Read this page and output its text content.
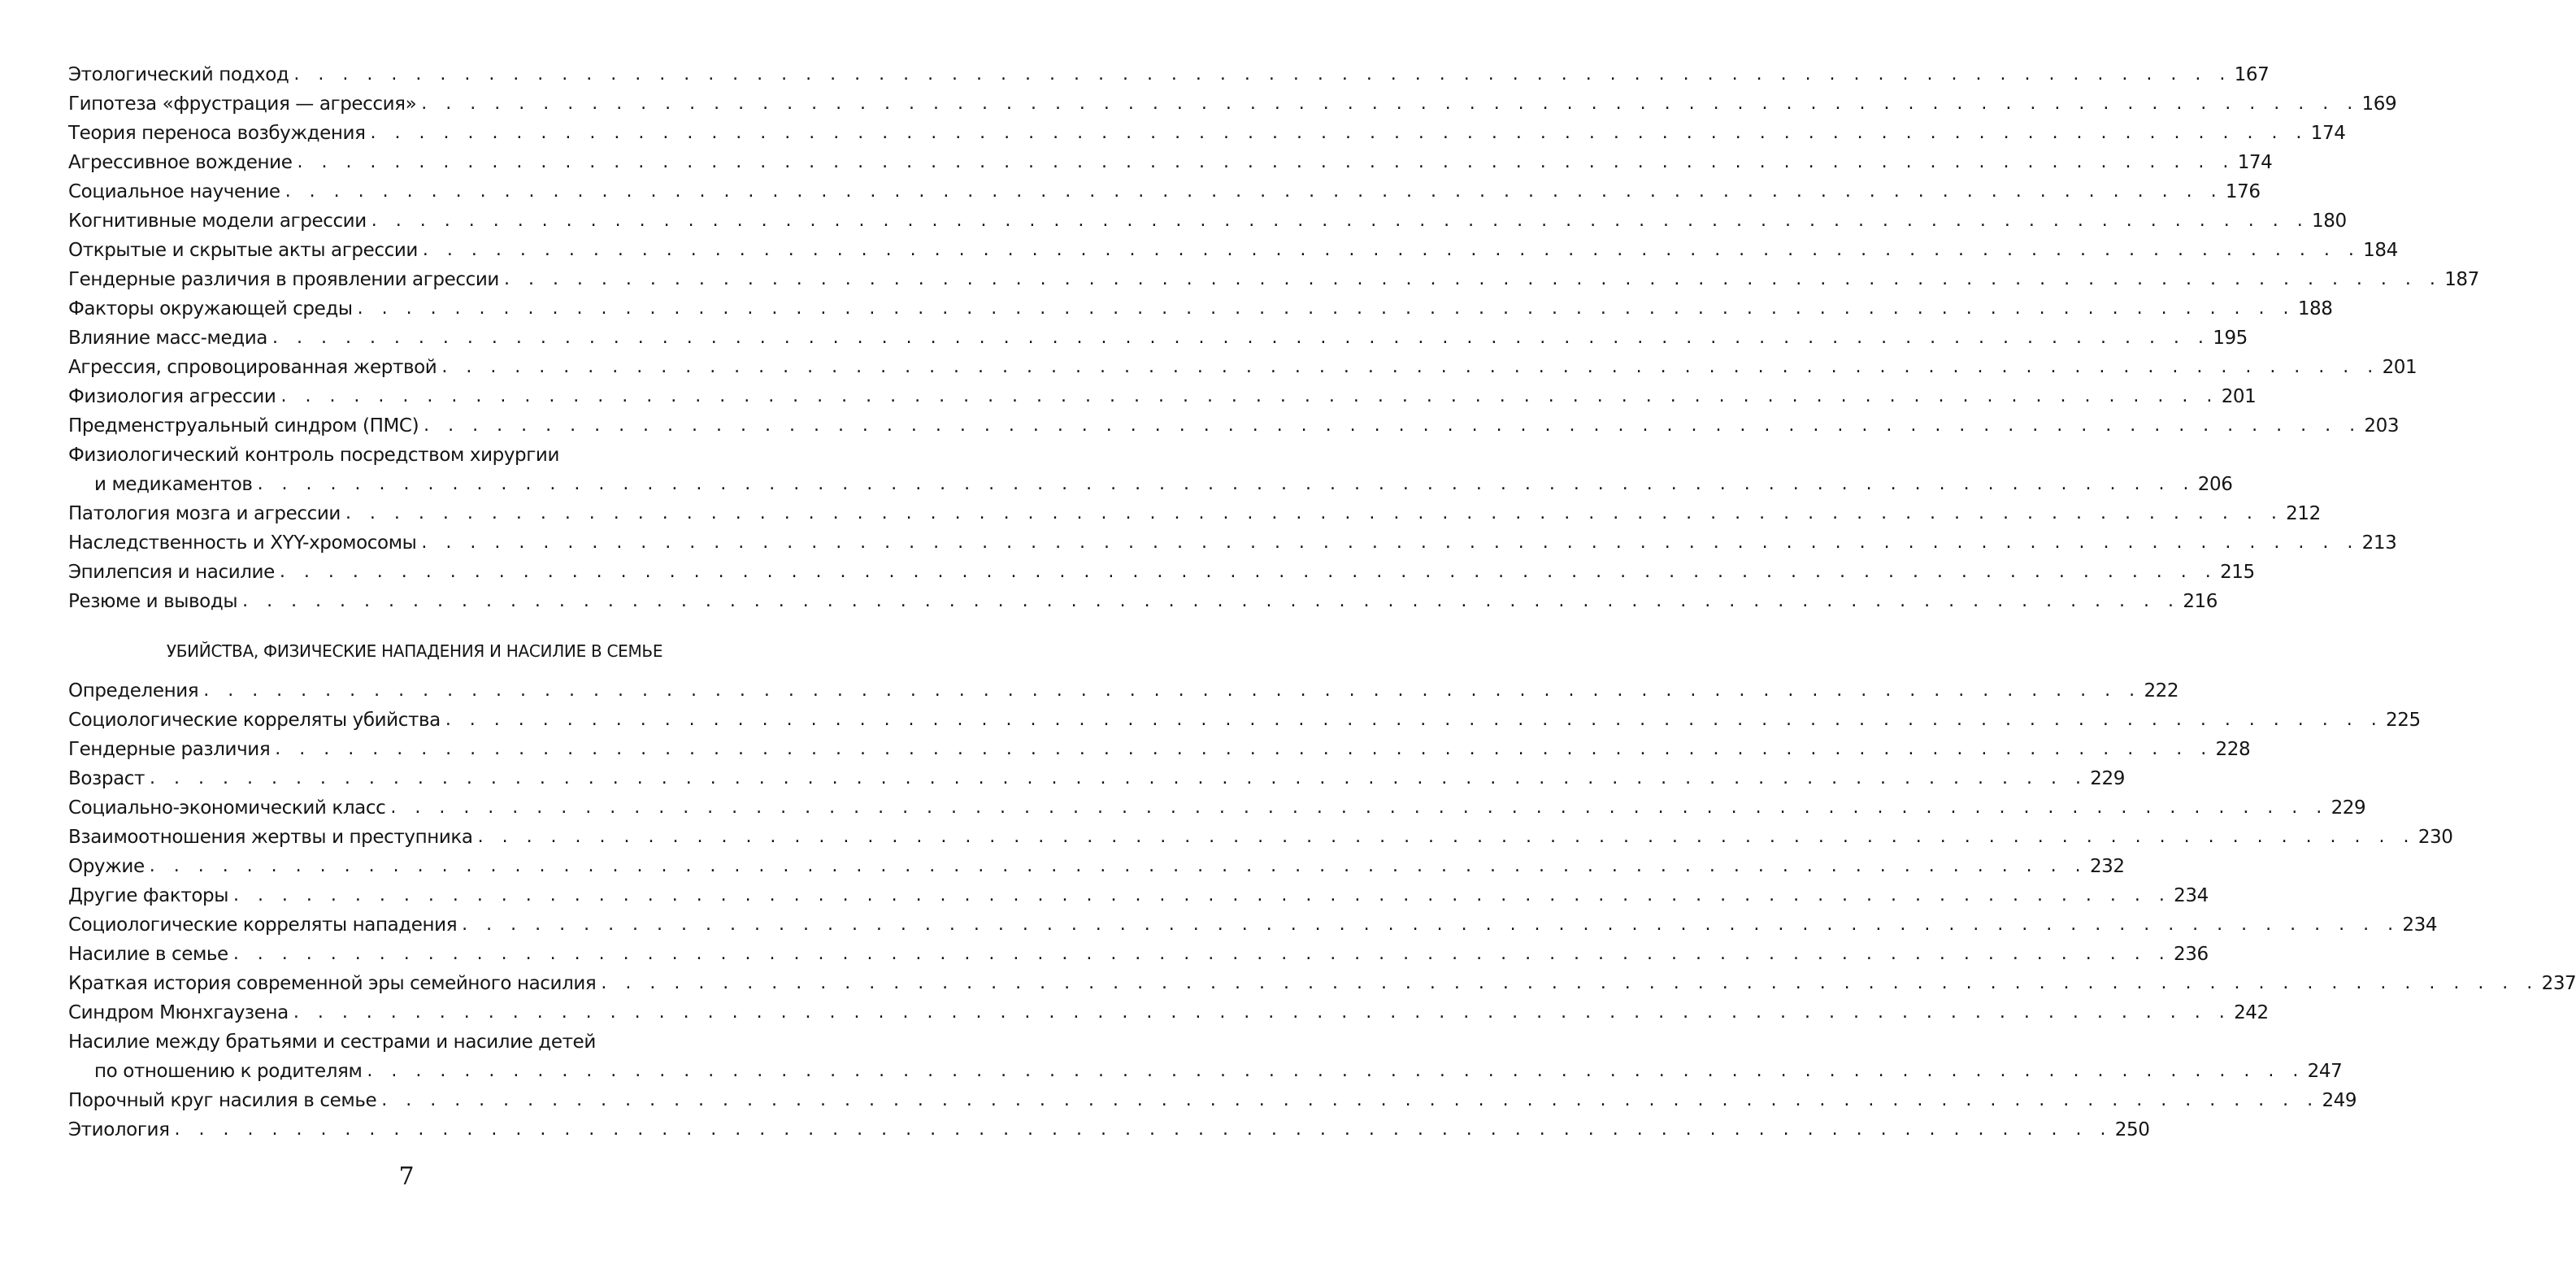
Этологический подход . . . . . . . . . . . . . . . . . . . . . . . . . . . . . . . . . . . . . . . . . . . . . . . . . . . . . . . . . . . . . . . . . . . . . . . . . . . . . . . . 167
Гипотеза «фрустрация — агрессия» . . . . . . . . . . . . . . . . . . . . . . . . . . . . . . . . . . . . . . . . . . . . . . . . . . . . . . . . . . . . . . . . . . . . . . . . . . . . . . . . 169
Теория переноса возбуждения . . . . . . . . . . . . . . . . . . . . . . . . . . . . . . . . . . . . . . . . . . . . . . . . . . . . . . . . . . . . . . . . . . . . . . . . . . . . . . . . 174
Агрессивное вождение . . . . . . . . . . . . . . . . . . . . . . . . . . . . . . . . . . . . . . . . . . . . . . . . . . . . . . . . . . . . . . . . . . . . . . . . . . . . . . . . 174
Социальное научение . . . . . . . . . . . . . . . . . . . . . . . . . . . . . . . . . . . . . . . . . . . . . . . . . . . . . . . . . . . . . . . . . . . . . . . . . . . . . . . . 176
Когнитивные модели агрессии . . . . . . . . . . . . . . . . . . . . . . . . . . . . . . . . . . . . . . . . . . . . . . . . . . . . . . . . . . . . . . . . . . . . . . . . . . . . . . . . 180
Открытые и скрытые акты агрессии . . . . . . . . . . . . . . . . . . . . . . . . . . . . . . . . . . . . . . . . . . . . . . . . . . . . . . . . . . . . . . . . . . . . . . . . . . . . . . . . 184
Гендерные различия в проявлении агрессии . . . . . . . . . . . . . . . . . . . . . . . . . . . . . . . . . . . . . . . . . . . . . . . . . . . . . . . . . . . . . . . . . . . . . . . . . . . . . . . . 187
Факторы окружающей среды . . . . . . . . . . . . . . . . . . . . . . . . . . . . . . . . . . . . . . . . . . . . . . . . . . . . . . . . . . . . . . . . . . . . . . . . . . . . . . . . 188
Влияние масс-медиа . . . . . . . . . . . . . . . . . . . . . . . . . . . . . . . . . . . . . . . . . . . . . . . . . . . . . . . . . . . . . . . . . . . . . . . . . . . . . . . . 195
Агрессия, спровоцированная жертвой . . . . . . . . . . . . . . . . . . . . . . . . . . . . . . . . . . . . . . . . . . . . . . . . . . . . . . . . . . . . . . . . . . . . . . . . . . . . . . . . 201
Физиология агрессии . . . . . . . . . . . . . . . . . . . . . . . . . . . . . . . . . . . . . . . . . . . . . . . . . . . . . . . . . . . . . . . . . . . . . . . . . . . . . . . . 201
Предменструальный синдром (ПМС) . . . . . . . . . . . . . . . . . . . . . . . . . . . . . . . . . . . . . . . . . . . . . . . . . . . . . . . . . . . . . . . . . . . . . . . . . . . . . . . . 203
Физиологический контроль посредством хирургии
и медикаментов . . . . . . . . . . . . . . . . . . . . . . . . . . . . . . . . . . . . . . . . . . . . . . . . . . . . . . . . . . . . . . . . . . . . . . . . . . . . . . . . 206
Патология мозга и агрессии . . . . . . . . . . . . . . . . . . . . . . . . . . . . . . . . . . . . . . . . . . . . . . . . . . . . . . . . . . . . . . . . . . . . . . . . . . . . . . . . 212
Наследственность и XYY-хромосомы . . . . . . . . . . . . . . . . . . . . . . . . . . . . . . . . . . . . . . . . . . . . . . . . . . . . . . . . . . . . . . . . . . . . . . . . . . . . . . . . 213
Эпилепсия и насилие . . . . . . . . . . . . . . . . . . . . . . . . . . . . . . . . . . . . . . . . . . . . . . . . . . . . . . . . . . . . . . . . . . . . . . . . . . . . . . . . 215
Резюме и выводы . . . . . . . . . . . . . . . . . . . . . . . . . . . . . . . . . . . . . . . . . . . . . . . . . . . . . . . . . . . . . . . . . . . . . . . . . . . . . . . . 216
УБИЙСТВА, ФИЗИЧЕСКИЕ НАПАДЕНИЯ И НАСИЛИЕ В СЕМЬЕ
Определения . . . . . . . . . . . . . . . . . . . . . . . . . . . . . . . . . . . . . . . . . . . . . . . . . . . . . . . . . . . . . . . . . . . . . . . . . . . . . . . . 222
Социологические корреляты убийства . . . . . . . . . . . . . . . . . . . . . . . . . . . . . . . . . . . . . . . . . . . . . . . . . . . . . . . . . . . . . . . . . . . . . . . . . . . . . . . . 225
Гендерные различия . . . . . . . . . . . . . . . . . . . . . . . . . . . . . . . . . . . . . . . . . . . . . . . . . . . . . . . . . . . . . . . . . . . . . . . . . . . . . . . . 228
Возраст . . . . . . . . . . . . . . . . . . . . . . . . . . . . . . . . . . . . . . . . . . . . . . . . . . . . . . . . . . . . . . . . . . . . . . . . . . . . . . . . 229
Социально-экономический класс . . . . . . . . . . . . . . . . . . . . . . . . . . . . . . . . . . . . . . . . . . . . . . . . . . . . . . . . . . . . . . . . . . . . . . . . . . . . . . . . 229
Взаимоотношения жертвы и преступника . . . . . . . . . . . . . . . . . . . . . . . . . . . . . . . . . . . . . . . . . . . . . . . . . . . . . . . . . . . . . . . . . . . . . . . . . . . . . . . . 230
Оружие . . . . . . . . . . . . . . . . . . . . . . . . . . . . . . . . . . . . . . . . . . . . . . . . . . . . . . . . . . . . . . . . . . . . . . . . . . . . . . . . 232
Другие факторы . . . . . . . . . . . . . . . . . . . . . . . . . . . . . . . . . . . . . . . . . . . . . . . . . . . . . . . . . . . . . . . . . . . . . . . . . . . . . . . . 234
Социологические корреляты нападения . . . . . . . . . . . . . . . . . . . . . . . . . . . . . . . . . . . . . . . . . . . . . . . . . . . . . . . . . . . . . . . . . . . . . . . . . . . . . . . . 234
Насилие в семье . . . . . . . . . . . . . . . . . . . . . . . . . . . . . . . . . . . . . . . . . . . . . . . . . . . . . . . . . . . . . . . . . . . . . . . . . . . . . . . . 236
Краткая история современной эры семейного насилия . . . . . . . . . . . . . . . . . . . . . . . . . . . . . . . . . . . . . . . . . . . . . . . . . . . . . . . . . . . . . . . . . . . . . . . . . . . . . . . . 237
Синдром Мюнхгаузена . . . . . . . . . . . . . . . . . . . . . . . . . . . . . . . . . . . . . . . . . . . . . . . . . . . . . . . . . . . . . . . . . . . . . . . . . . . . . . . . 242
Насилие между братьями и сестрами и насилие детей
по отношению к родителям . . . . . . . . . . . . . . . . . . . . . . . . . . . . . . . . . . . . . . . . . . . . . . . . . . . . . . . . . . . . . . . . . . . . . . . . . . . . . . . . 247
Порочный круг насилия в семье . . . . . . . . . . . . . . . . . . . . . . . . . . . . . . . . . . . . . . . . . . . . . . . . . . . . . . . . . . . . . . . . . . . . . . . . . . . . . . . . 249
Этиология . . . . . . . . . . . . . . . . . . . . . . . . . . . . . . . . . . . . . . . . . . . . . . . . . . . . . . . . . . . . . . . . . . . . . . . . . . . . . . . . 250
7
